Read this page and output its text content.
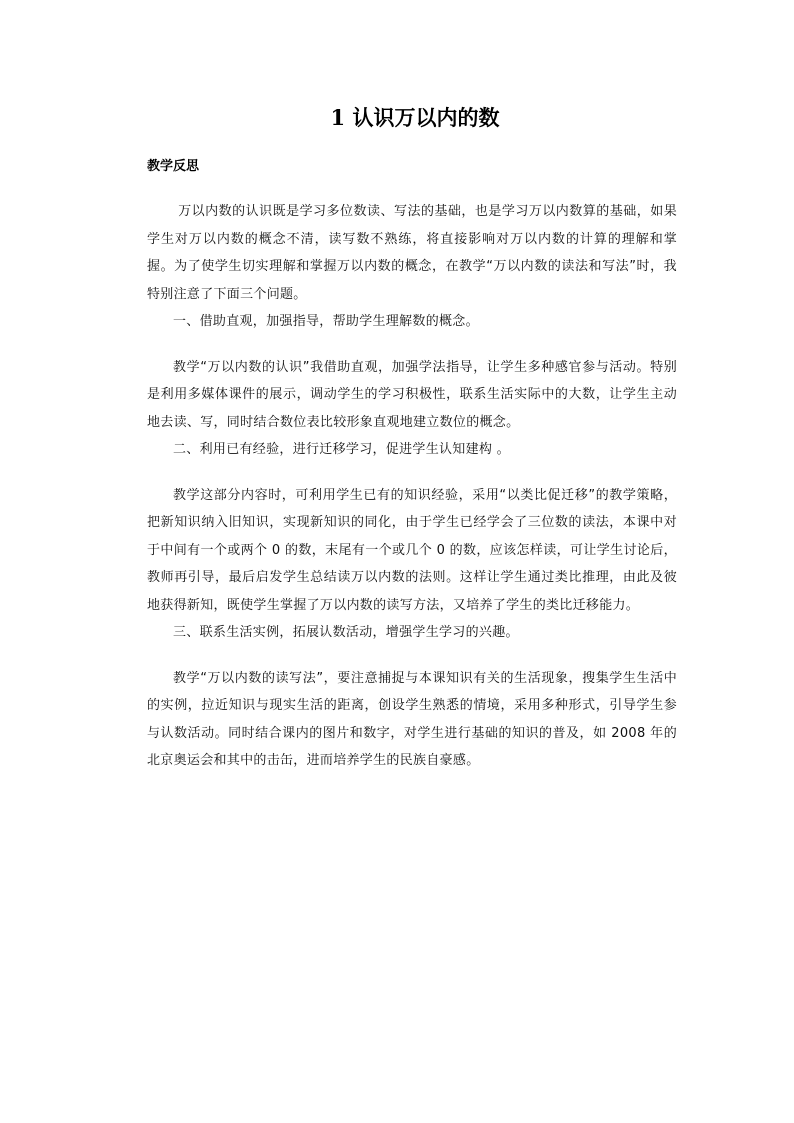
1 认识万以内的数
教学反思

万以内数的认识既是学习多位数读、写法的基础，也是学习万以内数算的基础，如果学生对万以内数的概念不清，读写数不熟练，将直接影响对万以内数的计算的理解和掌握。为了使学生切实理解和掌握万以内数的概念，在教学“万以内数的读法和写法”时，我特别注意了下面三个问题。

一、借助直观，加强指导，帮助学生理解数的概念。

教学“万以内数的认识”我借助直观，加强学法指导，让学生多种感官参与活动。特别是利用多媒体课件的展示，调动学生的学习积极性，联系生活实际中的大数，让学生主动地去读、写，同时结合数位表比较形象直观地建立数位的概念。

二、利用已有经验，进行迁移学习，促进学生认知建构 。

教学这部分内容时，可利用学生已有的知识经验，采用“以类比促迁移”的教学策略，把新知识纳入旧知识，实现新知识的同化，由于学生已经学会了三位数的读法，本课中对于中间有一个或两个 0 的数，末尾有一个或几个 0 的数，应该怎样读，可让学生讨论后，教师再引导，最后启发学生总结读万以内数的法则。这样让学生通过类比推理，由此及彼地获得新知，既使学生掌握了万以内数的读写方法，又培养了学生的类比迁移能力。

三、联系生活实例，拓展认数活动，增强学生学习的兴趣。

教学“万以内数的读写法”，要注意捕捉与本课知识有关的生活现象，搜集学生生活中的实例，拉近知识与现实生活的距离，创设学生熟悉的情境，采用多种形式，引导学生参与认数活动。同时结合课内的图片和数字，对学生进行基础的知识的普及，如 2008 年的北京奥运会和其中的击缶，进而培养学生的民族自豪感。
